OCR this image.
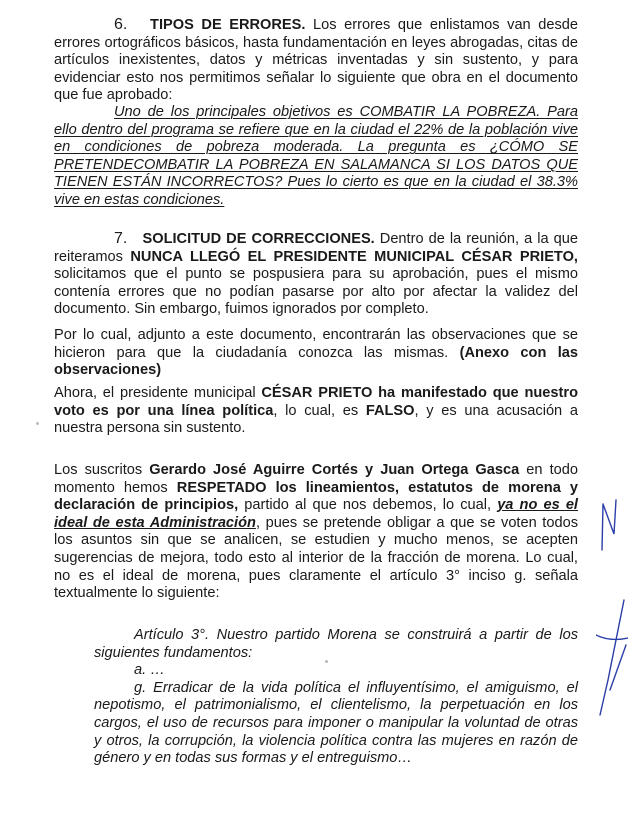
6. TIPOS DE ERRORES. Los errores que enlistamos van desde errores ortográficos básicos, hasta fundamentación en leyes abrogadas, citas de artículos inexistentes, datos y métricas inventadas y sin sustento, y para evidenciar esto nos permitimos señalar lo siguiente que obra en el documento que fue aprobado:

Uno de los principales objetivos es COMBATIR LA POBREZA. Para ello dentro del programa se refiere que en la ciudad el 22% de la población vive en condiciones de pobreza moderada. La pregunta es ¿CÓMO SE PRETENDECOMBATIR LA POBREZA EN SALAMANCA SI LOS DATOS QUE TIENEN ESTÁN INCORRECTOS? Pues lo cierto es que en la ciudad el 38.3% vive en estas condiciones.

7. SOLICITUD DE CORRECCIONES. Dentro de la reunión, a la que reiteramos NUNCA LLEGÓ EL PRESIDENTE MUNICIPAL CÉSAR PRIETO, solicitamos que el punto se pospusiera para su aprobación, pues el mismo contenía errores que no podían pasarse por alto por afectar la validez del documento. Sin embargo, fuimos ignorados por completo.

Por lo cual, adjunto a este documento, encontrarán las observaciones que se hicieron para que la ciudadanía conozca las mismas. (Anexo con las observaciones)

Ahora, el presidente municipal CÉSAR PRIETO ha manifestado que nuestro voto es por una línea política, lo cual, es FALSO, y es una acusación a nuestra persona sin sustento.

Los suscritos Gerardo José Aguirre Cortés y Juan Ortega Gasca en todo momento hemos RESPETADO los lineamientos, estatutos de morena y declaración de principios, partido al que nos debemos, lo cual, ya no es el ideal de esta Administración, pues se pretende obligar a que se voten todos los asuntos sin que se analicen, se estudien y mucho menos, se acepten sugerencias de mejora, todo esto al interior de la fracción de morena. Lo cual, no es el ideal de morena, pues claramente el artículo 3° inciso g. señala textualmente lo siguiente:

Artículo 3°. Nuestro partido Morena se construirá a partir de los siguientes fundamentos:

a. …

g. Erradicar de la vida política el influyentísimo, el amiguismo, el nepotismo, el patrimonialismo, el clientelismo, la perpetuación en los cargos, el uso de recursos para imponer o manipular la voluntad de otras y otros, la corrupción, la violencia política contra las mujeres en razón de género y en todas sus formas y el entreguismo…
